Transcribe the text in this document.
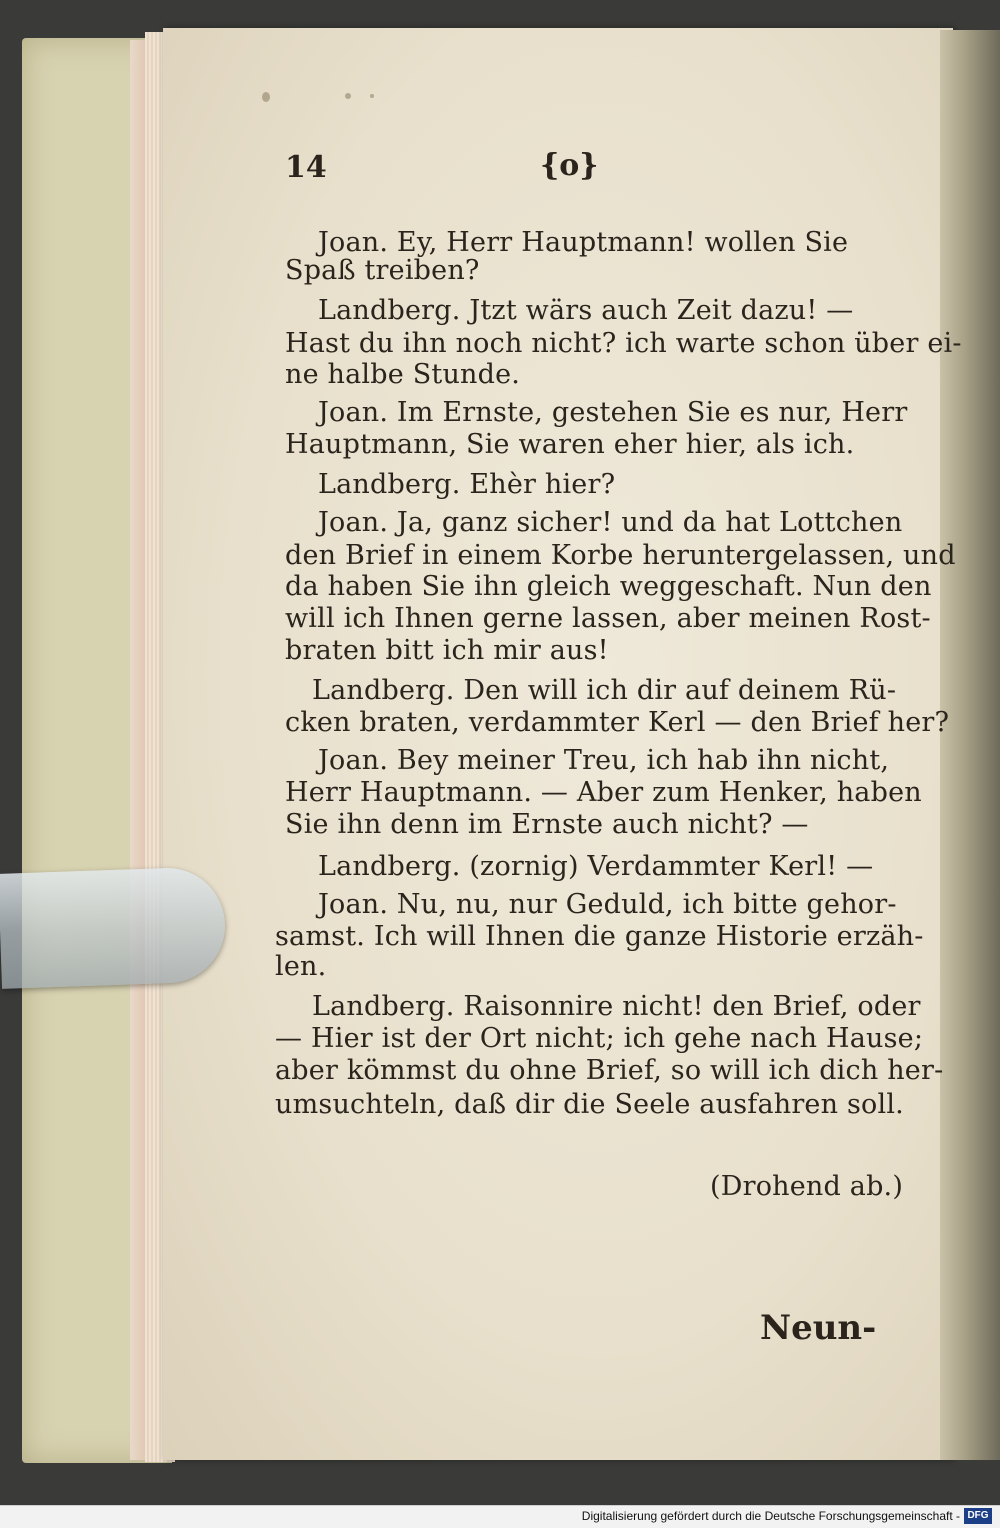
14	{o}
Joan. Ey, Herr Hauptmann! wollen Sie
Spaß treiben?
Landberg. Jtzt wärs auch Zeit dazu! —
Hast du ihn noch nicht? ich warte schon über ei-
ne halbe Stunde.
Joan. Im Ernste, gestehen Sie es nur, Herr
Hauptmann, Sie waren eher hier, als ich.
Landberg. Ehèr hier?
Joan. Ja, ganz sicher! und da hat Lottchen
den Brief in einem Korbe heruntergelassen, und
da haben Sie ihn gleich weggeschaft. Nun den
will ich Ihnen gerne lassen, aber meinen Rost-
braten bitt ich mir aus!
Landberg. Den will ich dir auf deinem Rü-
cken braten, verdammter Kerl — den Brief her?
Joan. Bey meiner Treu, ich hab ihn nicht,
Herr Hauptmann. — Aber zum Henker, haben
Sie ihn denn im Ernste auch nicht? —
Landberg. (zornig) Verdammter Kerl! —
Joan. Nu, nu, nur Geduld, ich bitte gehor-
samst. Ich will Ihnen die ganze Historie erzäh-
len.
Landberg. Raisonnire nicht! den Brief, oder
— Hier ist der Ort nicht; ich gehe nach Hause;
aber kömmst du ohne Brief, so will ich dich her-
umsuchteln, daß dir die Seele ausfahren soll.
(Drohend ab.)
Neun-
Digitalisierung gefördert durch die Deutsche Forschungsgemeinschaft - DFG
